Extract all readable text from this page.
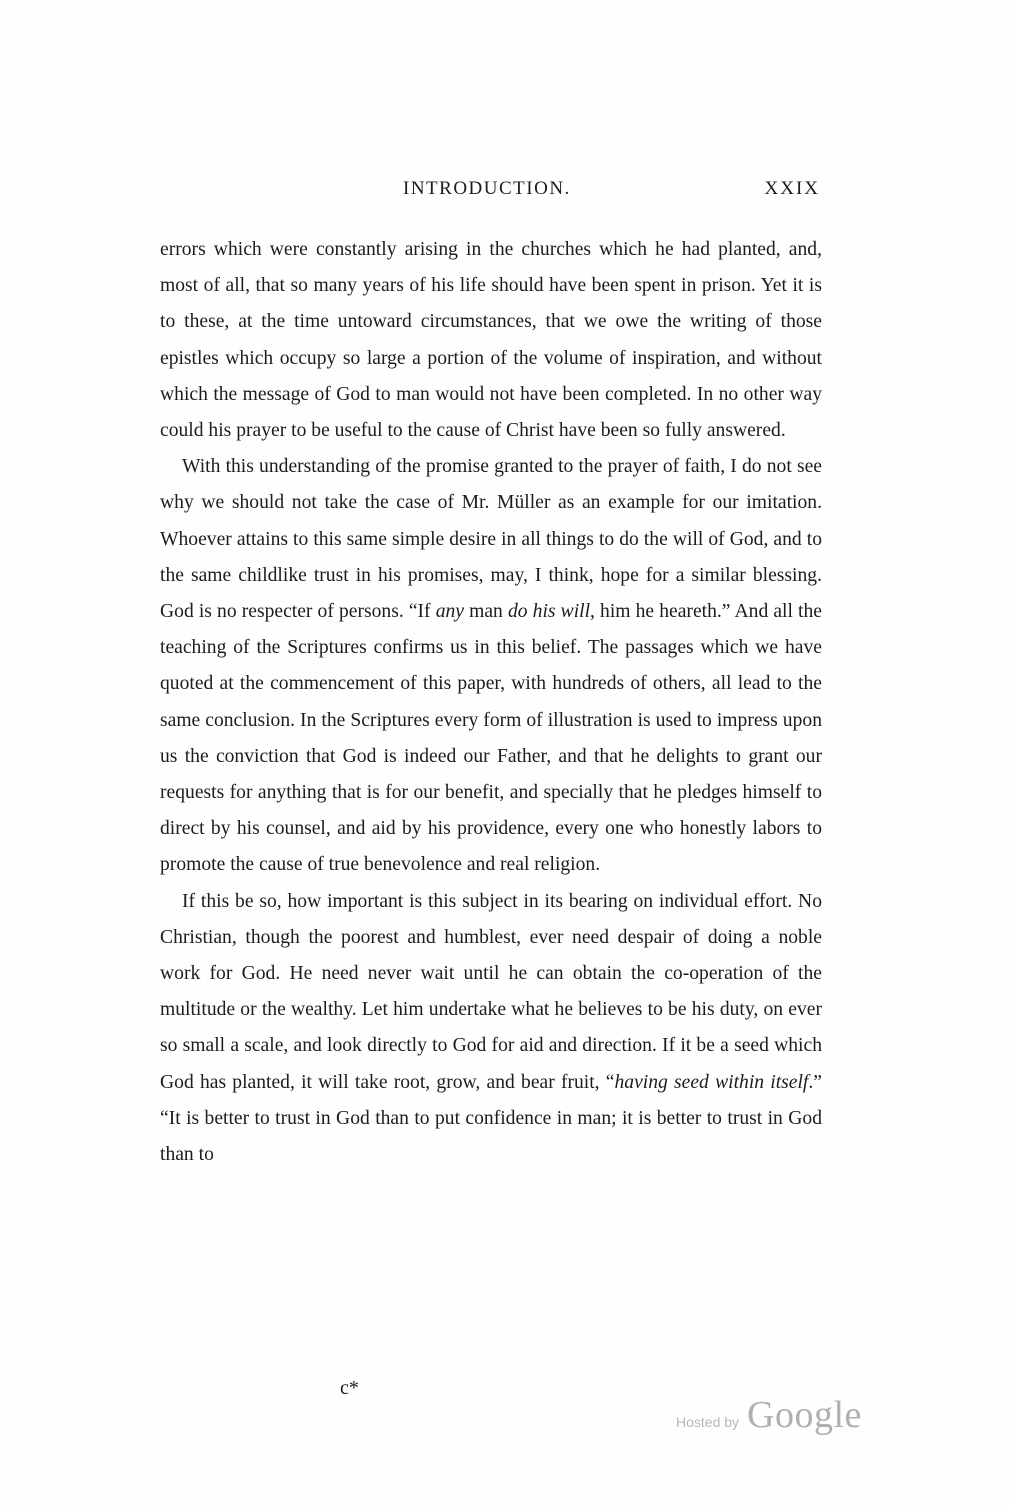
INTRODUCTION.	XXIX

errors which were constantly arising in the churches which he had planted, and, most of all, that so many years of his life should have been spent in prison. Yet it is to these, at the time untoward circumstances, that we owe the writing of those epistles which occupy so large a portion of the volume of inspiration, and without which the message of God to man would not have been completed. In no other way could his prayer to be useful to the cause of Christ have been so fully answered.

With this understanding of the promise granted to the prayer of faith, I do not see why we should not take the case of Mr. Müller as an example for our imitation. Whoever attains to this same simple desire in all things to do the will of God, and to the same childlike trust in his promises, may, I think, hope for a similar blessing. God is no respecter of persons. “If any man do his will, him he heareth.” And all the teaching of the Scriptures confirms us in this belief. The passages which we have quoted at the commencement of this paper, with hundreds of others, all lead to the same conclusion. In the Scriptures every form of illustration is used to impress upon us the conviction that God is indeed our Father, and that he delights to grant our requests for anything that is for our benefit, and specially that he pledges himself to direct by his counsel, and aid by his providence, every one who honestly labors to promote the cause of true benevolence and real religion.

If this be so, how important is this subject in its bearing on individual effort. No Christian, though the poorest and humblest, ever need despair of doing a noble work for God. He need never wait until he can obtain the co-operation of the multitude or the wealthy. Let him undertake what he believes to be his duty, on ever so small a scale, and look directly to God for aid and direction. If it be a seed which God has planted, it will take root, grow, and bear fruit, “having seed within itself.” “It is better to trust in God than to put confidence in man; it is better to trust in God than to

c*
Hosted by Google
